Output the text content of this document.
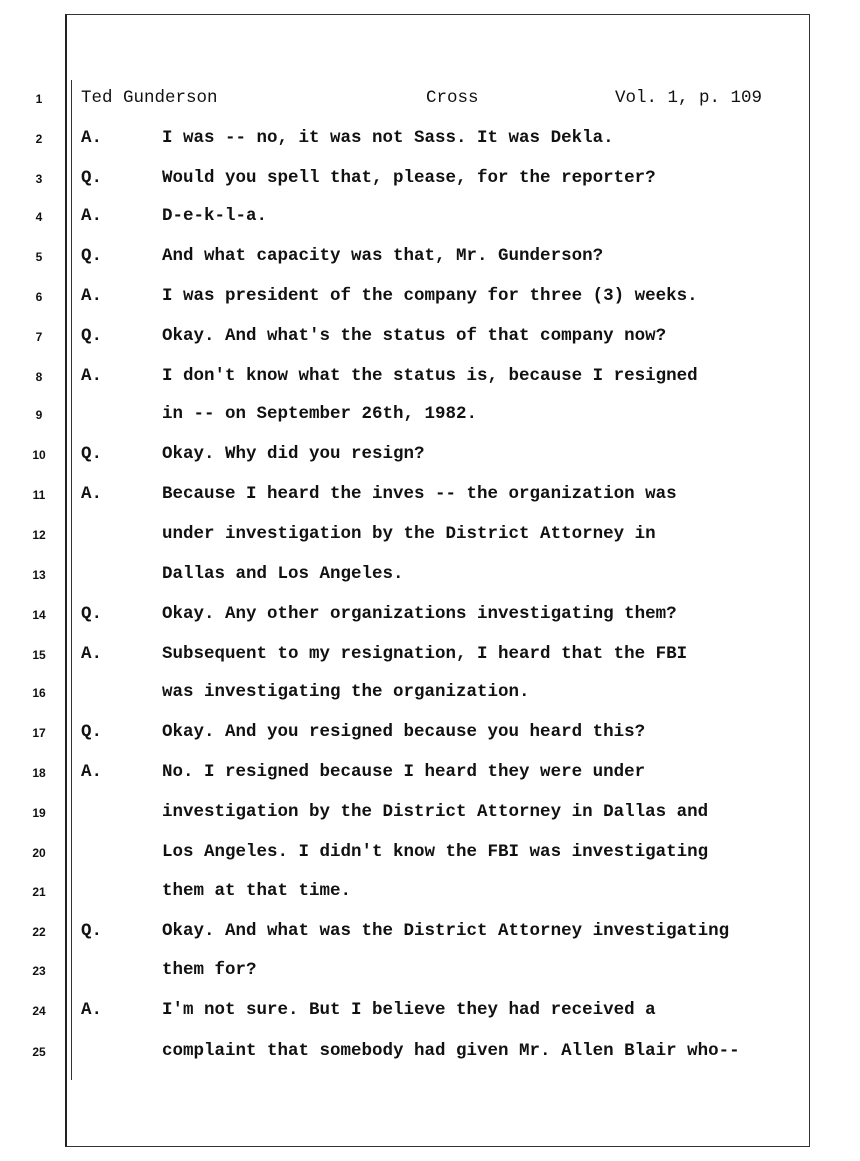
1	Ted Gunderson	Cross	Vol. 1, p. 109
2	A.	I was -- no, it was not Sass. It was Dekla.
3	Q.	Would you spell that, please, for the reporter?
4	A.	D-e-k-l-a.
5	Q.	And what capacity was that, Mr. Gunderson?
6	A.	I was president of the company for three (3) weeks.
7	Q.	Okay. And what's the status of that company now?
8	A.	I don't know what the status is, because I resigned
9	in -- on September 26th, 1982.
10	Q.	Okay. Why did you resign?
11	A.	Because I heard the inves -- the organization was
12	under investigation by the District Attorney in
13	Dallas and Los Angeles.
14	Q.	Okay. Any other organizations investigating them?
15	A.	Subsequent to my resignation, I heard that the FBI
16	was investigating the organization.
17	Q.	Okay. And you resigned because you heard this?
18	A.	No. I resigned because I heard they were under
19	investigation by the District Attorney in Dallas and
20	Los Angeles. I didn't know the FBI was investigating
21	them at that time.
22	Q.	Okay. And what was the District Attorney investigating
23	them for?
24	A.	I'm not sure. But I believe they had received a
25	complaint that somebody had given Mr. Allen Blair who--
